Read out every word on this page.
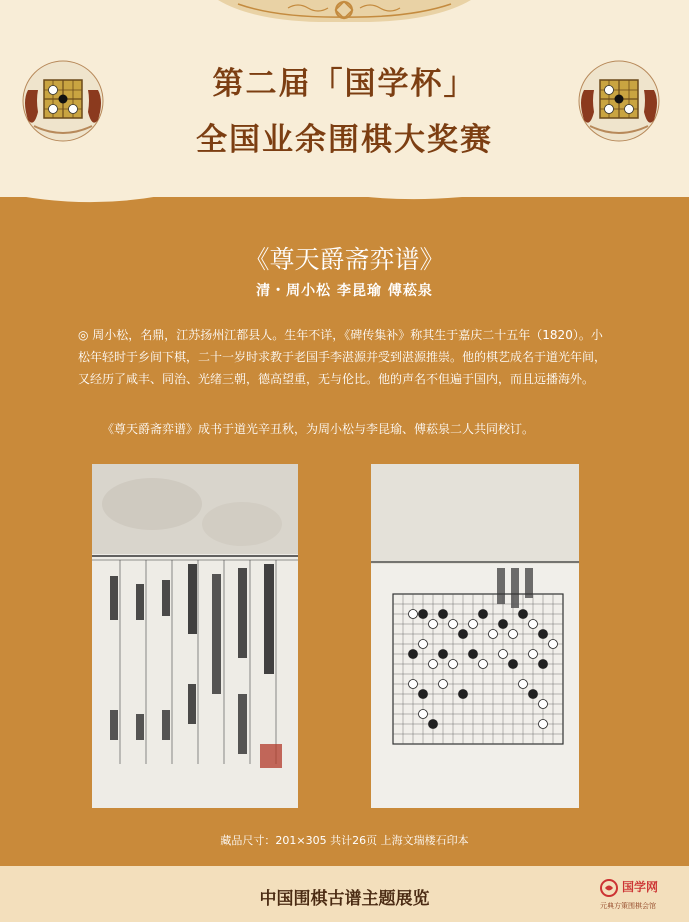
第二届「国学杯」
全国业余围棋大奖赛
《尊天爵斋弈谱》
清・周小松 李昆瑜 傅菘泉
◎ 周小松，名鼎，江苏扬州江都县人。生年不详，《碑传集补》称其生于嘉庆二十五年（1820）。小松年轻时于乡间下棋，二十一岁时求教于老国手李湛源并受到湛源推崇。他的棋艺成名于道光年间，又经历了咸丰、同治、光绪三朝，德高望重，无与伦比。他的声名不但遍于国内，而且远播海外。
《尊天爵斋弈谱》成书于道光辛丑秋，为周小松与李昆瑜、傅菘泉二人共同校订。
藏品尺寸：201×305 共计26页 上海文瑞楼石印本
中国围棋古谱主题展览
国学网
元典方策围棋会馆
